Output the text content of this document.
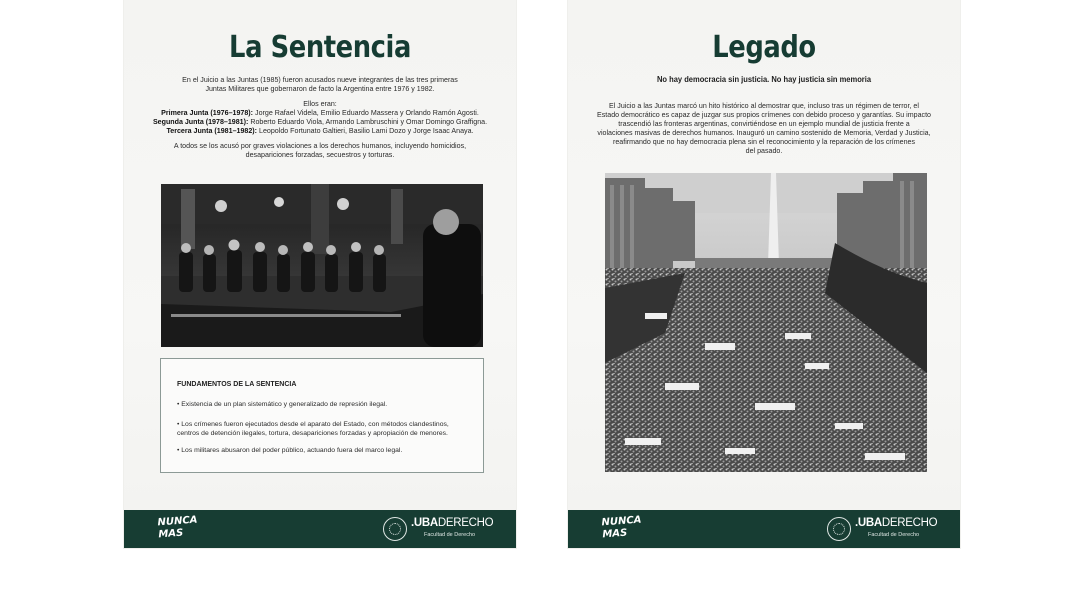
La Sentencia
En el Juicio a las Juntas (1985) fueron acusados nueve integrantes de las tres primeras
Juntas Militares que gobernaron de facto la Argentina entre 1976 y 1982.
Ellos eran:
Primera Junta (1976–1978): Jorge Rafael Videla, Emilio Eduardo Massera y Orlando Ramón Agosti.
Segunda Junta (1978–1981): Roberto Eduardo Viola, Armando Lambruschini y Omar Domingo Graffigna.
Tercera Junta (1981–1982): Leopoldo Fortunato Galtieri, Basilio Lami Dozo y Jorge Isaac Anaya.
A todos se los acusó por graves violaciones a los derechos humanos, incluyendo homicidios,
desapariciones forzadas, secuestros y torturas.
FUNDAMENTOS DE LA SENTENCIA
• Existencia de un plan sistemático y generalizado de represión ilegal.
• Los crímenes fueron ejecutados desde el aparato del Estado, con métodos clandestinos,
centros de detención ilegales, tortura, desapariciones forzadas y apropiación de menores.
• Los militares abusaron del poder público, actuando fuera del marco legal.
NUNCA
MAS
.UBADERECHO
Facultad de Derecho
Legado
No hay democracia sin justicia. No hay justicia sin memoria
El Juicio a las Juntas marcó un hito histórico al demostrar que, incluso tras un régimen de terror, el
Estado democrático es capaz de juzgar sus propios crímenes con debido proceso y garantías. Su impacto
trascendió las fronteras argentinas, convirtiéndose en un ejemplo mundial de justicia frente a
violaciones masivas de derechos humanos. Inauguró un camino sostenido de Memoria, Verdad y Justicia,
reafirmando que no hay democracia plena sin el reconocimiento y la reparación de los crímenes
del pasado.
NUNCA
MAS
.UBADERECHO
Facultad de Derecho
